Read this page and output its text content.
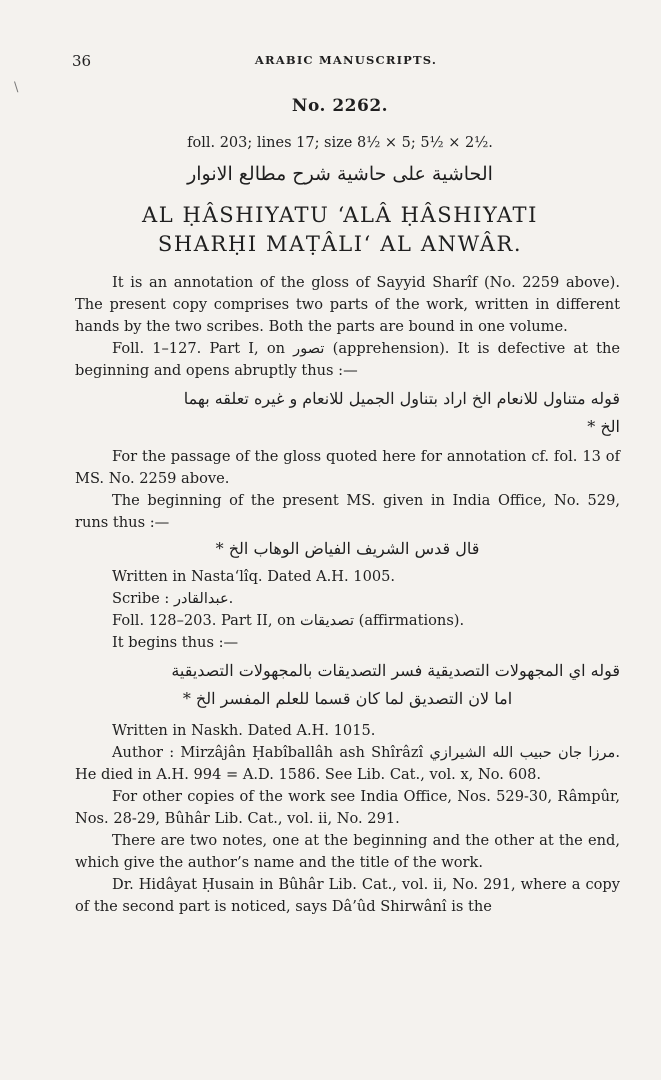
36	ARABIC MANUSCRIPTS.
\
No. 2262.
foll. 203; lines 17; size 8½ × 5; 5½ × 2½.
الحاشية على حاشية شرح مطالع الانوار
AL ḤÂSHIYATU ‘ALÂ ḤÂSHIYATI
SHARḤI MAṬÂLI‘ AL ANWÂR.

It is an annotation of the gloss of Sayyid Sharîf (No. 2259 above). The present copy comprises two parts of the work, written in different hands by the two scribes. Both the parts are bound in one volume.

Foll. 1–127. Part I, on تصور (apprehension). It is defective at the beginning and opens abruptly thus :—

قوله متناول للانعام الخ اراد بتناول الجميل للانعام و غيره تعلقه بهما

الخ *

For the passage of the gloss quoted here for annotation cf. fol. 13 of MS. No. 2259 above.

The beginning of the present MS. given in India Office, No. 529, runs thus :—

قال قدس الشريف الفياض الوهاب الخ *

Written in Nasta‘lîq. Dated A.H. 1005.

Scribe : عبدالقادر.

Foll. 128–203. Part II, on تصديقات (affirmations).

It begins thus :—

قوله اي المجهولات التصديقية فسر التصديقات بالمجهولات التصديقية

اما لان التصديق لما كان قسما للعلم المفسر الخ *

Written in Naskh. Dated A.H. 1015.

Author : Mirzâjân Ḥabîballâh ash Shîrâzî مرزا جان حبيب الله الشيرازي. He died in A.H. 994 = A.D. 1586. See Lib. Cat., vol. x, No. 608.

For other copies of the work see India Office, Nos. 529-30, Râmpûr, Nos. 28-29, Bûhâr Lib. Cat., vol. ii, No. 291.

There are two notes, one at the beginning and the other at the end, which give the author’s name and the title of the work.

Dr. Hidâyat Ḥusain in Bûhâr Lib. Cat., vol. ii, No. 291, where a copy of the second part is noticed, says Dâ’ûd Shirwânî is the
